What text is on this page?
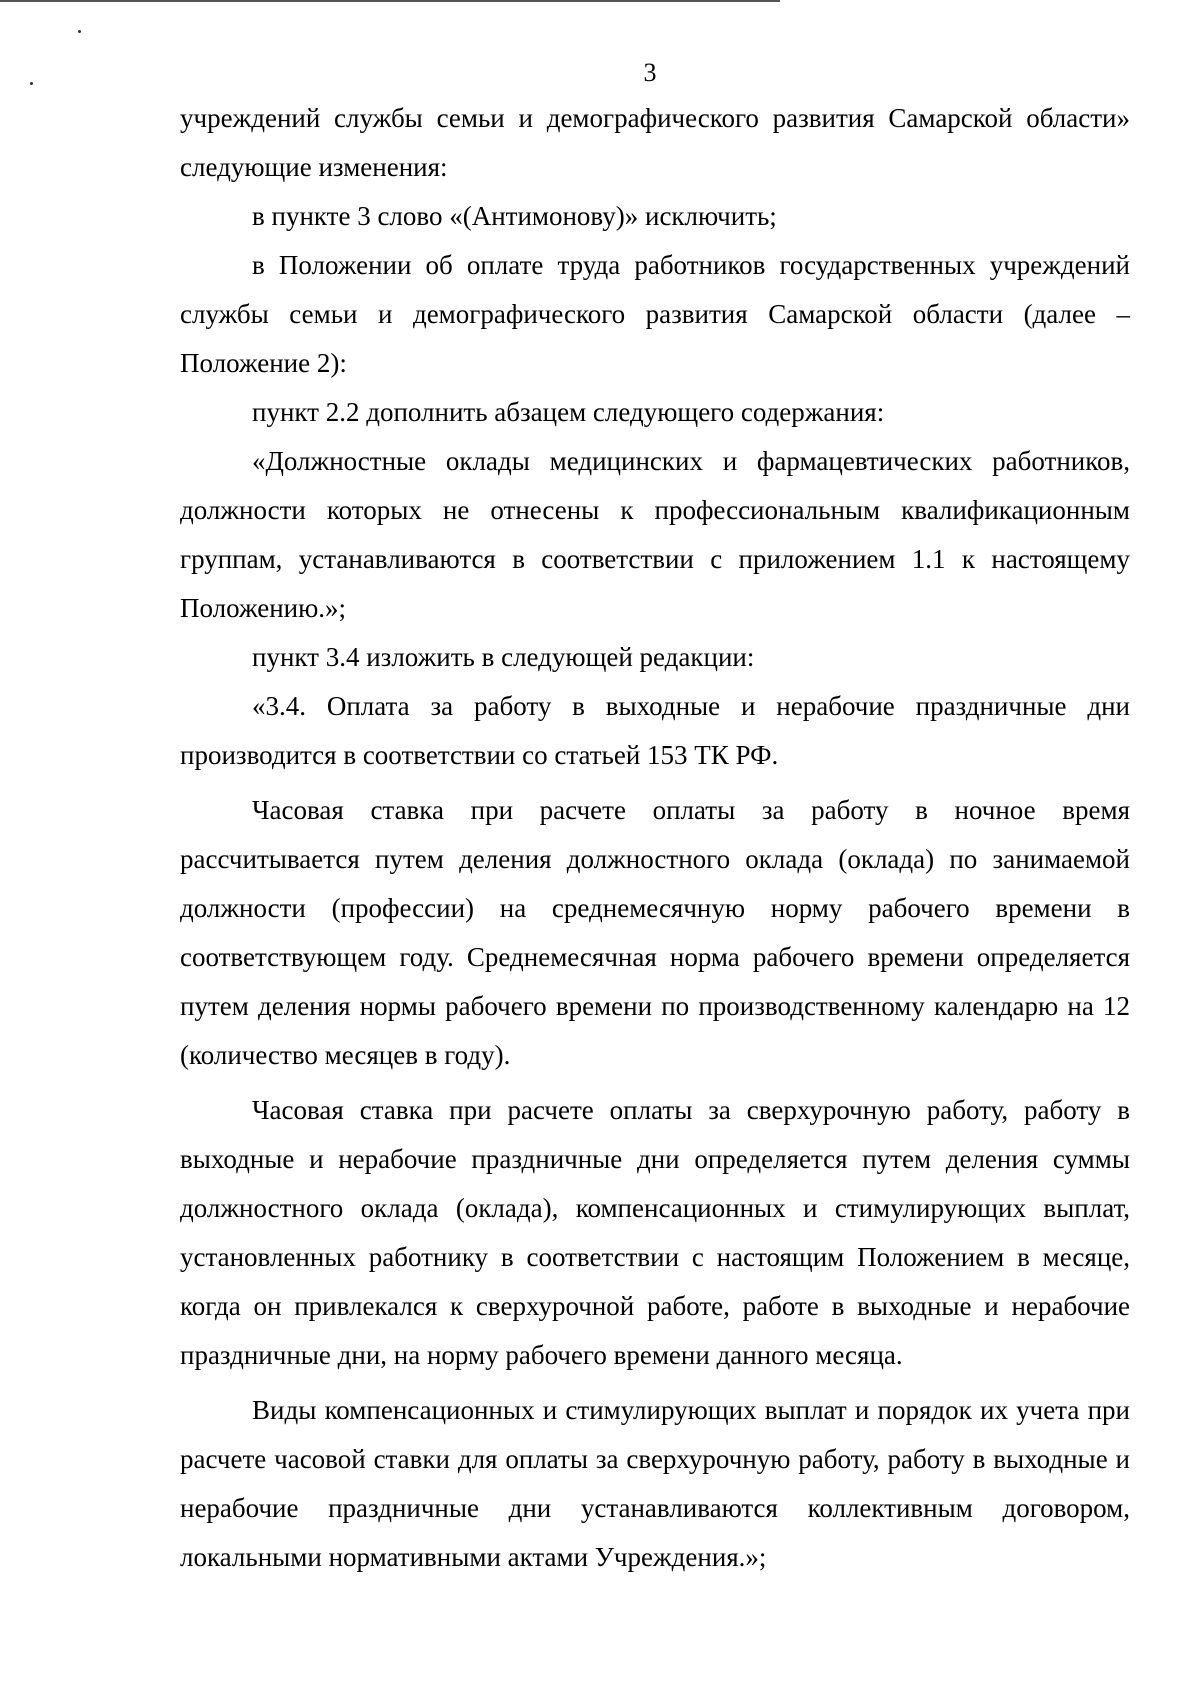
3

учреждений службы семьи и демографического развития Самарской области» следующие изменения:

в пункте 3 слово «(Антимонову)» исключить;

в Положении об оплате труда работников государственных учреждений службы семьи и демографического развития Самарской области (далее – Положение 2):

пункт 2.2 дополнить абзацем следующего содержания:

«Должностные оклады медицинских и фармацевтических работников, должности которых не отнесены к профессиональным квалификационным группам, устанавливаются в соответствии с приложением 1.1 к настоящему Положению.»;

пункт 3.4 изложить в следующей редакции:

«3.4. Оплата за работу в выходные и нерабочие праздничные дни производится в соответствии со статьей 153 ТК РФ.

Часовая ставка при расчете оплаты за работу в ночное время рассчитывается путем деления должностного оклада (оклада) по занимаемой должности (профессии) на среднемесячную норму рабочего времени в соответствующем году. Среднемесячная норма рабочего времени определяется путем деления нормы рабочего времени по производственному календарю на 12 (количество месяцев в году).

Часовая ставка при расчете оплаты за сверхурочную работу, работу в выходные и нерабочие праздничные дни определяется путем деления суммы должностного оклада (оклада), компенсационных и стимулирующих выплат, установленных работнику в соответствии с настоящим Положением в месяце, когда он привлекался к сверхурочной работе, работе в выходные и нерабочие праздничные дни, на норму рабочего времени данного месяца.

Виды компенсационных и стимулирующих выплат и порядок их учета при расчете часовой ставки для оплаты за сверхурочную работу, работу в выходные и нерабочие праздничные дни устанавливаются коллективным договором, локальными нормативными актами Учреждения.»;
